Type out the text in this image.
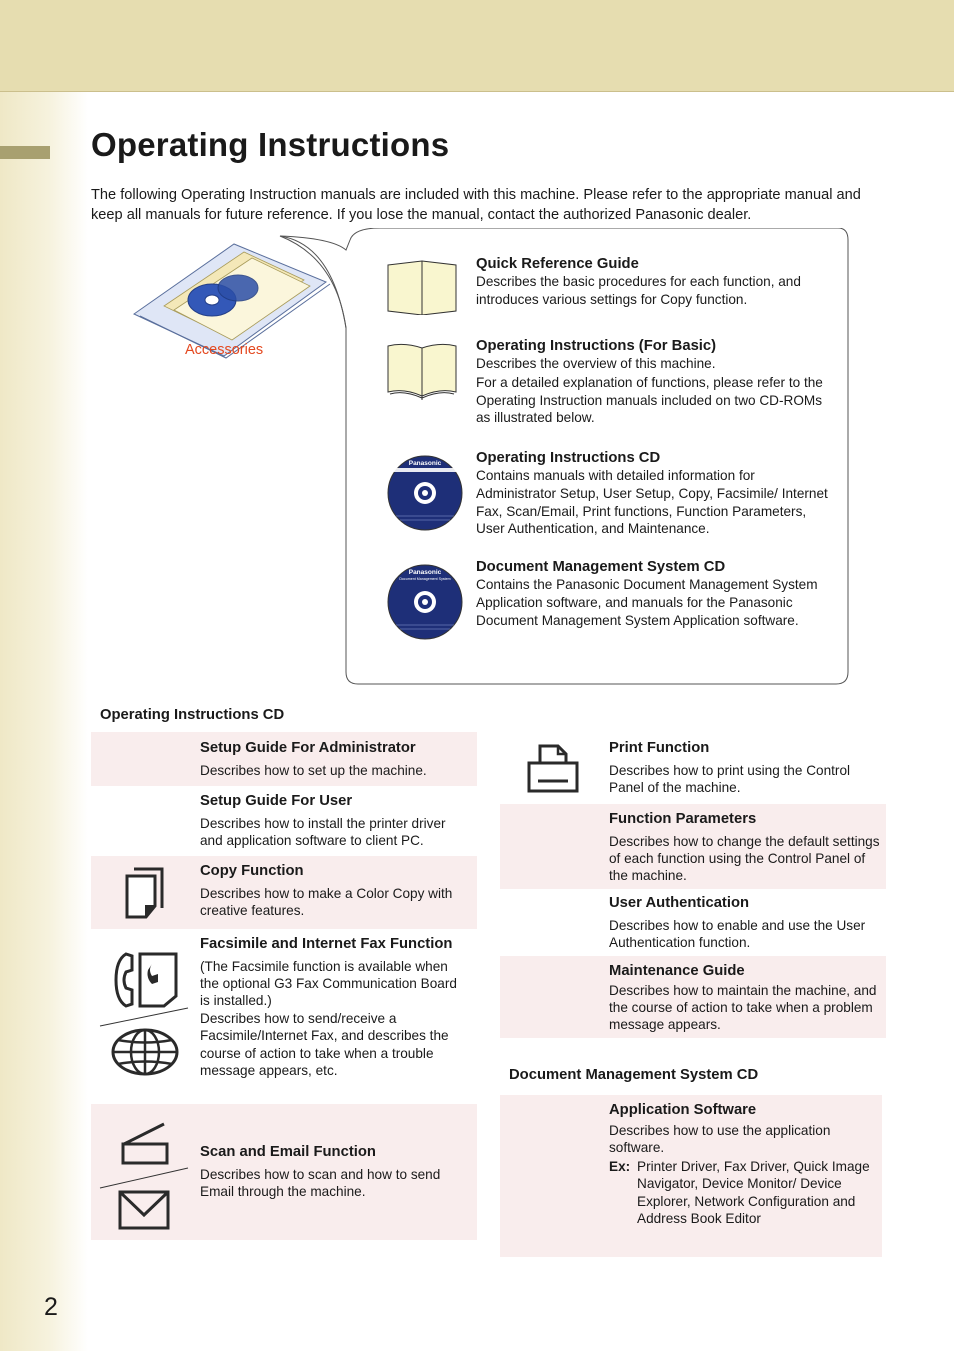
Operating Instructions

The following Operating Instruction manuals are included with this machine. Please refer to the appropriate manual and keep all manuals for future reference. If you lose the manual, contact the authorized Panasonic dealer.

Accessories
Panasonic
Panasonic
Document Management System
Quick Reference Guide

Describes the basic procedures for each function, and introduces various settings for Copy function.

Operating Instructions (For Basic)

Describes the overview of this machine.

For a detailed explanation of functions, please refer to the Operating Instruction manuals included on two CD-ROMs as illustrated below.

Operating Instructions CD

Contains manuals with detailed information for Administrator Setup, User Setup, Copy, Facsimile/ Internet Fax, Scan/Email, Print functions, Function Parameters, User Authentication, and Maintenance.

Document Management System CD

Contains the Panasonic Document Management System Application software, and manuals for the Panasonic Document Management System Application software.

Operating Instructions CD
Setup Guide For Administrator

Describes how to set up the machine.

Setup Guide For User

Describes how to install the printer driver and application software to client PC.

Copy Function

Describes how to make a Color Copy with creative features.

Facsimile and Internet Fax Function

(The Facsimile function is available when the optional G3 Fax Communication Board is installed.)

Describes how to send/receive a Facsimile/Internet Fax, and describes the course of action to take when a trouble message appears, etc.

Scan and Email Function

Describes how to scan and how to send Email through the machine.

Print Function

Describes how to print using the Control Panel of the machine.

Function Parameters

Describes how to change the default settings of each function using the Control Panel of the machine.

User Authentication

Describes how to enable and use the User Authentication function.

Maintenance Guide

Describes how to maintain the machine, and the course of action to take when a problem message appears.

Document Management System CD
Application Software

Describes how to use the application software.

Ex: Printer Driver, Fax Driver, Quick Image Navigator, Device Monitor/ Device Explorer, Network Configuration and Address Book Editor
2
